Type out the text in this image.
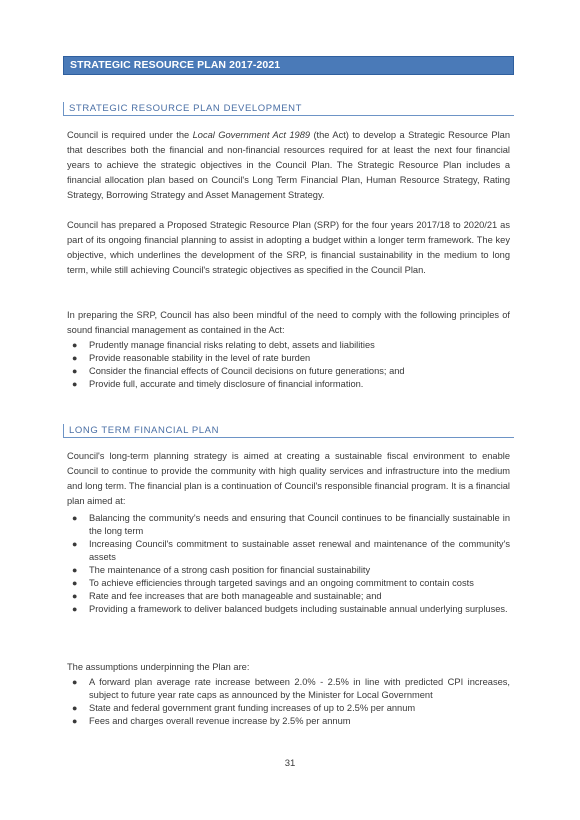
STRATEGIC RESOURCE PLAN 2017-2021
STRATEGIC RESOURCE PLAN DEVELOPMENT

Council is required under the Local Government Act 1989 (the Act) to develop a Strategic Resource Plan that describes both the financial and non-financial resources required for at least the next four financial years to achieve the strategic objectives in the Council Plan. The Strategic Resource Plan includes a financial allocation plan based on Council's Long Term Financial Plan, Human Resource Strategy, Rating Strategy, Borrowing Strategy and Asset Management Strategy.

Council has prepared a Proposed Strategic Resource Plan (SRP) for the four years 2017/18 to 2020/21 as part of its ongoing financial planning to assist in adopting a budget within a longer term framework. The key objective, which underlines the development of the SRP, is financial sustainability in the medium to long term, while still achieving Council's strategic objectives as specified in the Council Plan.

In preparing the SRP, Council has also been mindful of the need to comply with the following principles of sound financial management as contained in the Act:

● Prudently manage financial risks relating to debt, assets and liabilities
● Provide reasonable stability in the level of rate burden
● Consider the financial effects of Council decisions on future generations; and
● Provide full, accurate and timely disclosure of financial information.
LONG TERM FINANCIAL PLAN

Council's long-term planning strategy is aimed at creating a sustainable fiscal environment to enable Council to continue to provide the community with high quality services and infrastructure into the medium and long term. The financial plan is a continuation of Council's responsible financial program. It is a financial plan aimed at:

● Balancing the community's needs and ensuring that Council continues to be financially sustainable in the long term
● Increasing Council's commitment to sustainable asset renewal and maintenance of the community's assets
● The maintenance of a strong cash position for financial sustainability
● To achieve efficiencies through targeted savings and an ongoing commitment to contain costs
● Rate and fee increases that are both manageable and sustainable; and
● Providing a framework to deliver balanced budgets including sustainable annual underlying surpluses.

The assumptions underpinning the Plan are:

● A forward plan average rate increase between 2.0% - 2.5% in line with predicted CPI increases, subject to future year rate caps as announced by the Minister for Local Government
● State and federal government grant funding increases of up to 2.5% per annum
● Fees and charges overall revenue increase by 2.5% per annum
31
